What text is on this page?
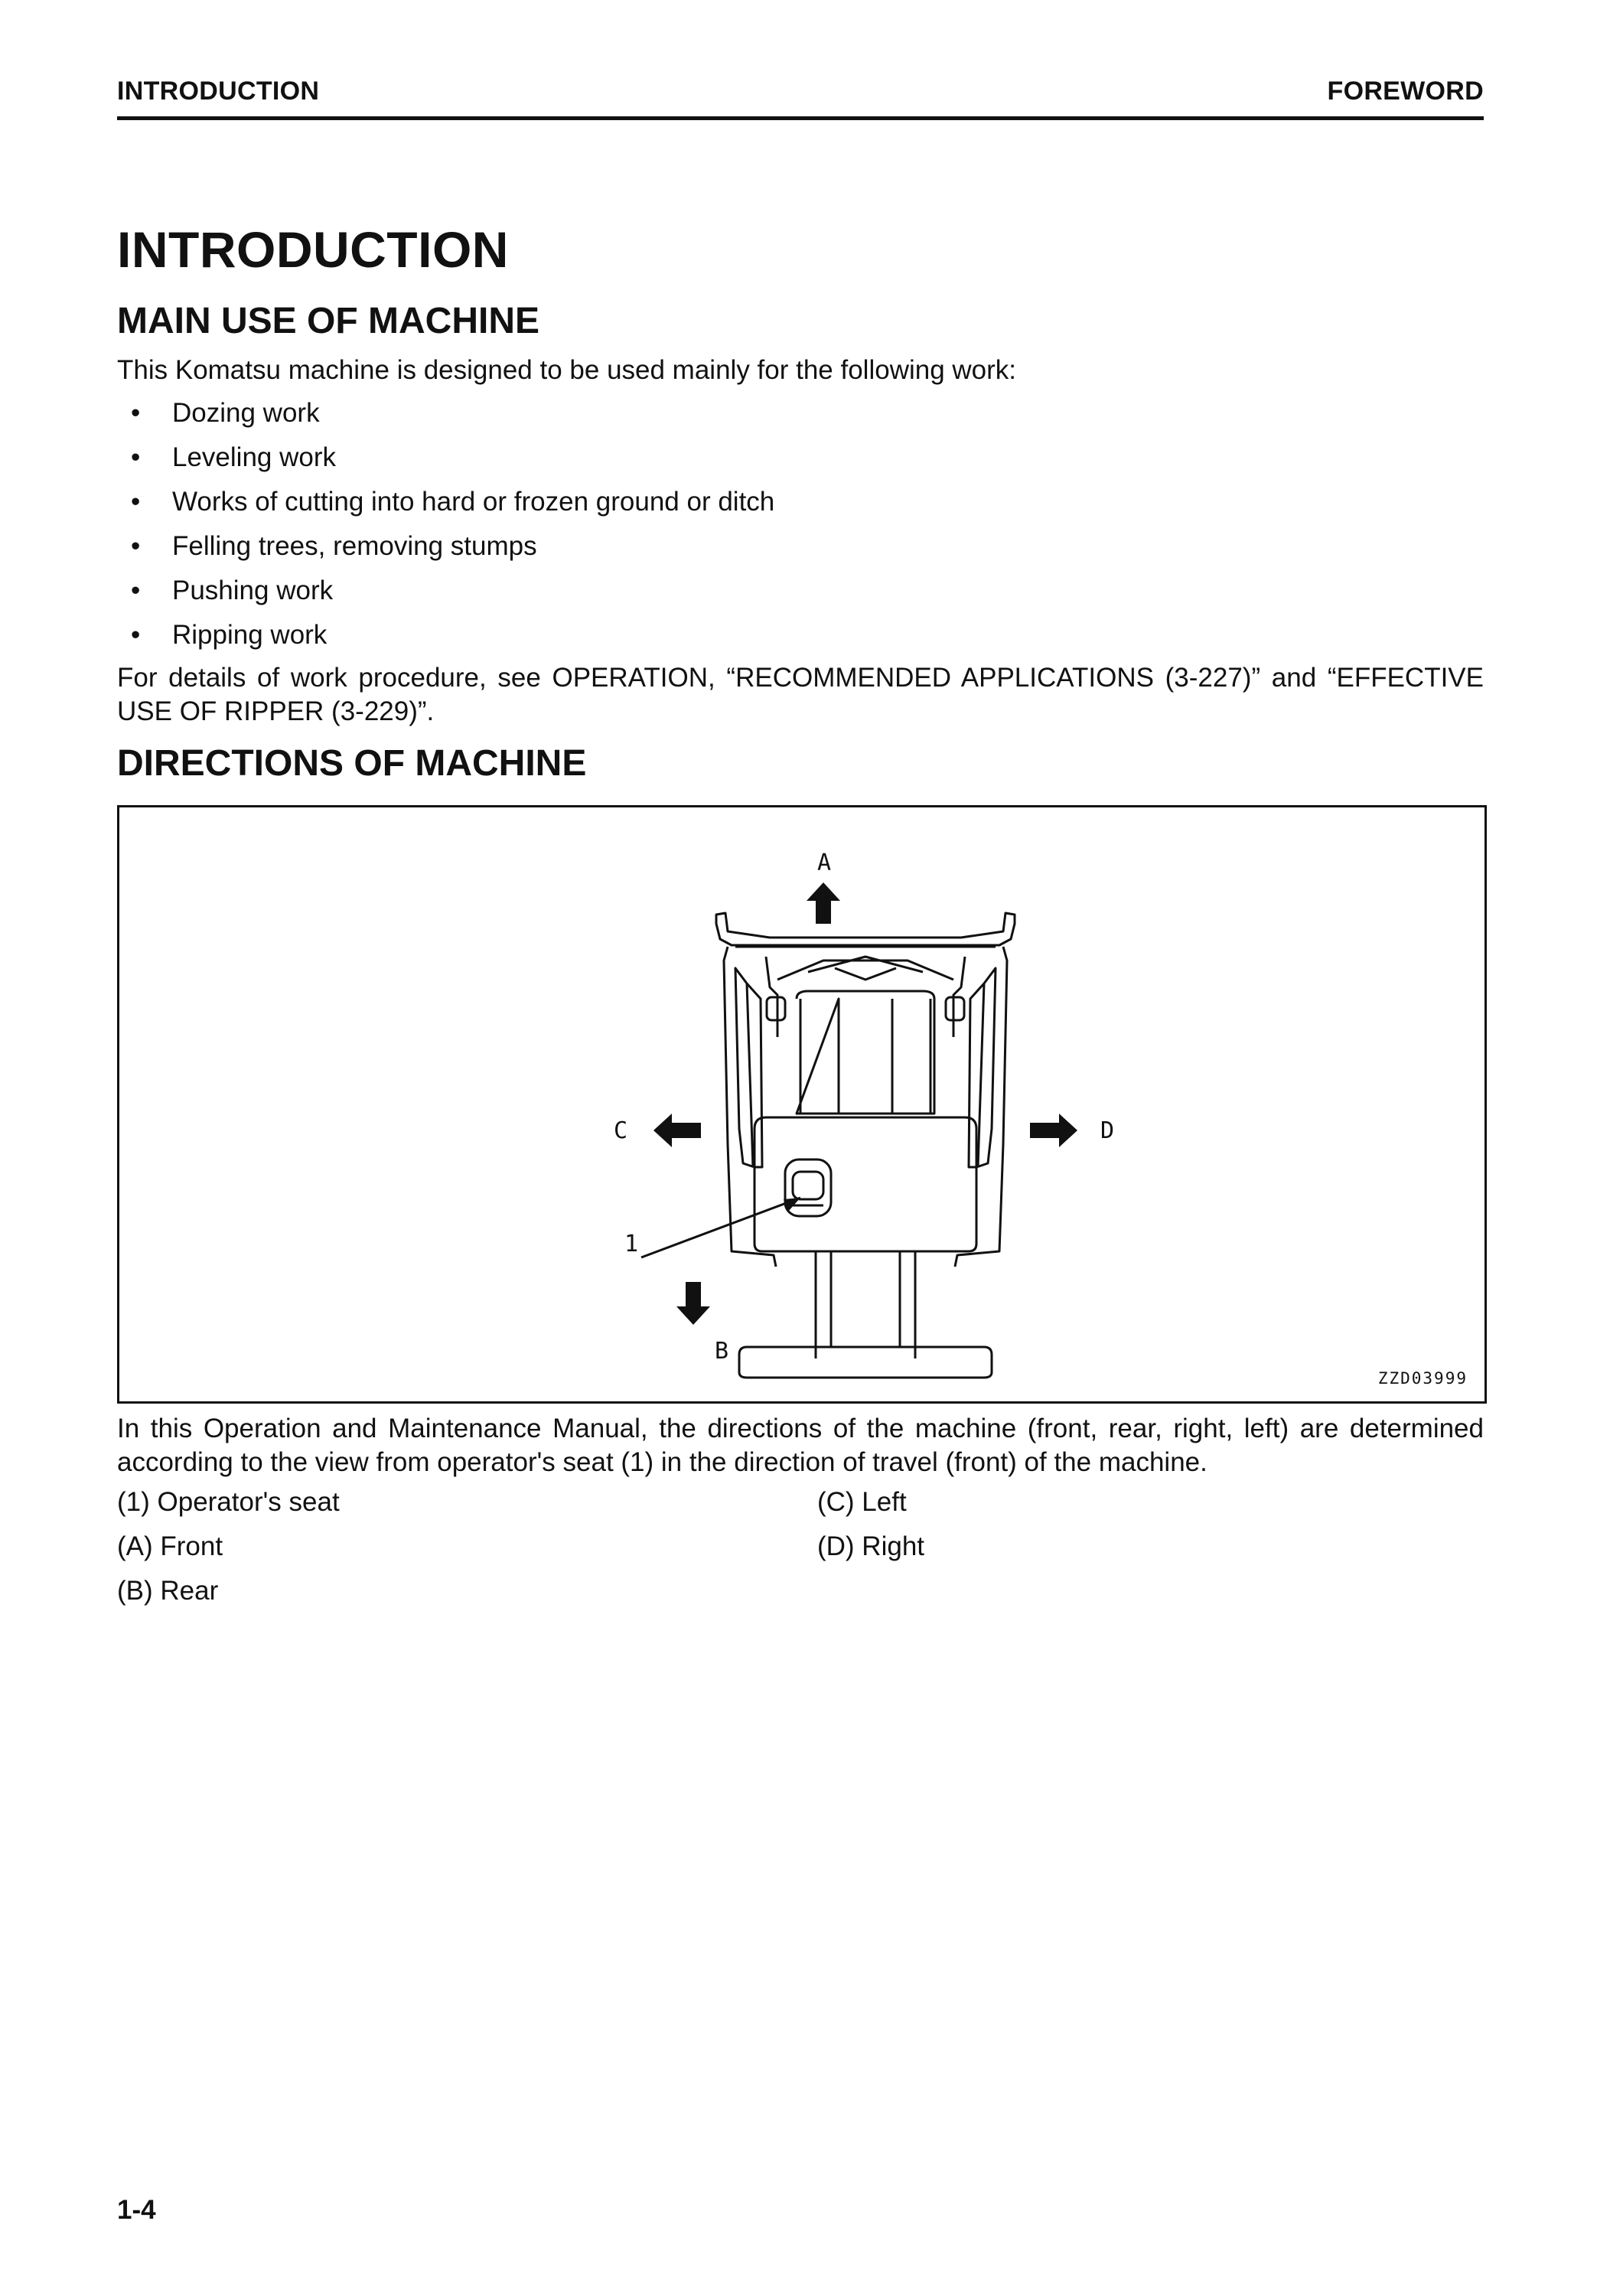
INTRODUCTION	FOREWORD
INTRODUCTION
MAIN USE OF MACHINE

This Komatsu machine is designed to be used mainly for the following work:

• Dozing work
• Leveling work
• Works of cutting into hard or frozen ground or ditch
• Felling trees, removing stumps
• Pushing work
• Ripping work

For details of work procedure, see OPERATION, “RECOMMENDED APPLICATIONS (3-227)” and “EFFECTIVE USE OF RIPPER (3-229)”.

DIRECTIONS OF MACHINE
A
B
C	D
1
ZZD03999

In this Operation and Maintenance Manual, the directions of the machine (front, rear, right, left) are determined according to the view from operator's seat (1) in the direction of travel (front) of the machine.

(1) Operator's seat
(A) Front
(B) Rear
(C) Left
(D) Right
1-4
